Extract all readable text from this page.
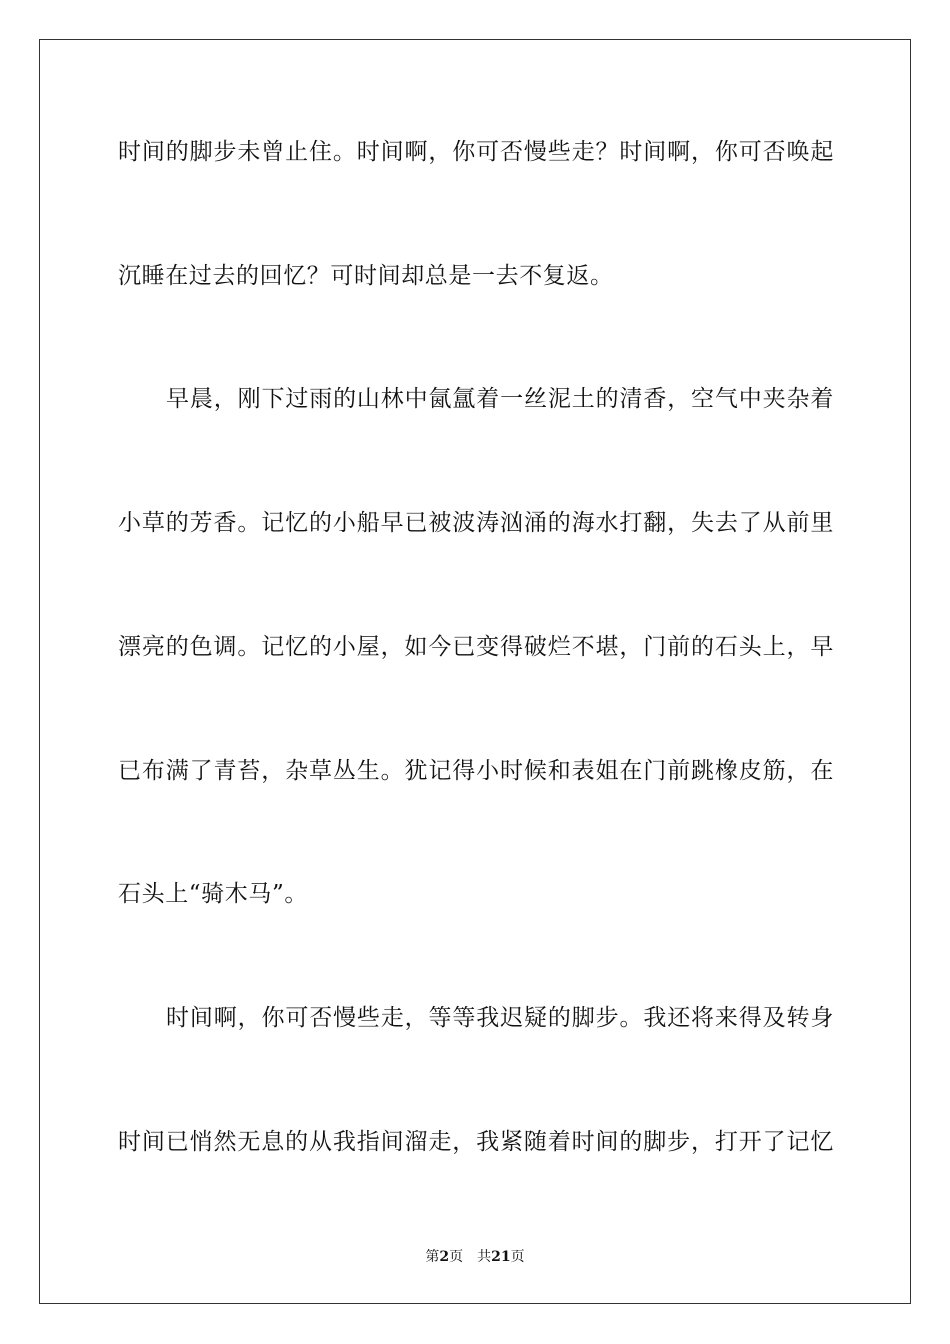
时间的脚步未曾止住。时间啊，你可否慢些走？时间啊，你可否唤起
沉睡在过去的回忆？可时间却总是一去不复返。
早晨，刚下过雨的山林中氤氲着一丝泥土的清香，空气中夹杂着
小草的芳香。记忆的小船早已被波涛汹涌的海水打翻，失去了从前里
漂亮的色调。记忆的小屋，如今已变得破烂不堪，门前的石头上，早
已布满了青苔，杂草丛生。犹记得小时候和表姐在门前跳橡皮筋，在
石头上“骑木马”。
时间啊，你可否慢些走，等等我迟疑的脚步。我还将来得及转身
时间已悄然无息的从我指间溜走，我紧随着时间的脚步，打开了记忆
第2页 共21页
